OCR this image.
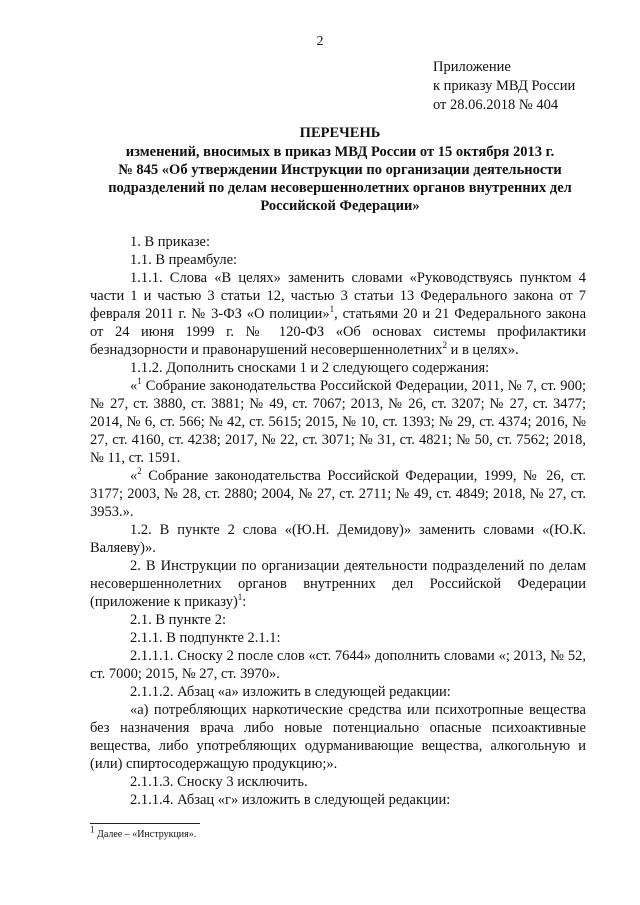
2
Приложение
к приказу МВД России
от 28.06.2018 № 404
ПЕРЕЧЕНЬ
изменений, вносимых в приказ МВД России от 15 октября 2013 г.
№ 845 «Об утверждении Инструкции по организации деятельности
подразделений по делам несовершеннолетних органов внутренних дел
Российской Федерации»

1. В приказе:

1.1. В преамбуле:

1.1.1. Слова «В целях» заменить словами «Руководствуясь пунктом 4 части 1 и частью 3 статьи 12, частью 3 статьи 13 Федерального закона от 7 февраля 2011 г. № 3-ФЗ «О полиции»$^1$, статьями 20 и 21 Федерального закона от 24 июня 1999 г. № 120-ФЗ «Об основах системы профилактики безнадзорности и правонарушений несовершеннолетних$^2$ и в целях».

1.1.2. Дополнить сносками 1 и 2 следующего содержания:

«$^1$ Собрание законодательства Российской Федерации, 2011, № 7, ст. 900; № 27, ст. 3880, ст. 3881; № 49, ст. 7067; 2013, № 26, ст. 3207; № 27, ст. 3477; 2014, № 6, ст. 566; № 42, ст. 5615; 2015, № 10, ст. 1393; № 29, ст. 4374; 2016, № 27, ст. 4160, ст. 4238; 2017, № 22, ст. 3071; № 31, ст. 4821; № 50, ст. 7562; 2018, № 11, ст. 1591.

«$^2$ Собрание законодательства Российской Федерации, 1999, № 26, ст. 3177; 2003, № 28, ст. 2880; 2004, № 27, ст. 2711; № 49, ст. 4849; 2018, № 27, ст. 3953.».

1.2. В пункте 2 слова «(Ю.Н. Демидову)» заменить словами «(Ю.К. Валяеву)».

2. В Инструкции по организации деятельности подразделений по делам несовершеннолетних органов внутренних дел Российской Федерации (приложение к приказу)$^1$:

2.1. В пункте 2:

2.1.1. В подпункте 2.1.1:

2.1.1.1. Сноску 2 после слов «ст. 7644» дополнить словами «; 2013, № 52, ст. 7000; 2015, № 27, ст. 3970».

2.1.1.2. Абзац «а» изложить в следующей редакции:

«а) потребляющих наркотические средства или психотропные вещества без назначения врача либо новые потенциально опасные психоактивные вещества, либо употребляющих одурманивающие вещества, алкогольную и (или) спиртосодержащую продукцию;».

2.1.1.3. Сноску 3 исключить.

2.1.1.4. Абзац «г» изложить в следующей редакции:

$^1$ Далее – «Инструкция».
